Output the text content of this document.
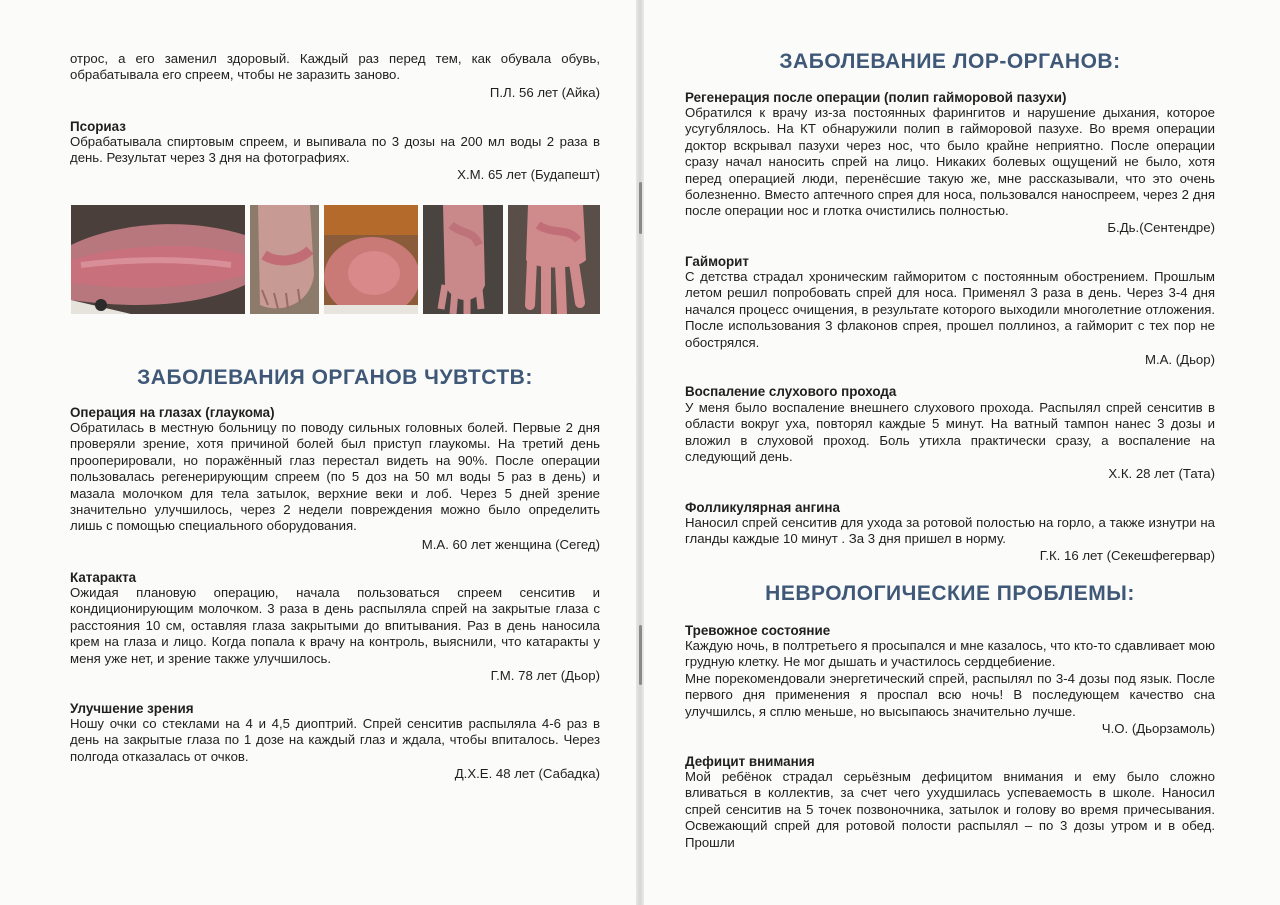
отрос, а его заменил здоровый. Каждый раз перед тем, как обувала обувь, обрабатывала его спреем, чтобы не заразить заново.

П.Л. 56 лет (Айка)

Псориаз

Обрабатывала спиртовым спреем, и выпивала по 3 дозы на 200 мл воды 2 раза в день. Результат через 3 дня на фотографиях.

Х.М. 65 лет (Будапешт)

ЗАБОЛЕВАНИЯ ОРГАНОВ ЧУВТСТВ:

Операция на глазах (глаукома)

Обратилась в местную больницу по поводу сильных головных болей. Первые 2 дня проверяли зрение, хотя причиной болей был приступ глаукомы. На третий день прооперировали, но поражённый глаз перестал видеть на 90%. После операции пользовалась регенерирующим спреем (по 5 доз на 50 мл воды 5 раз в день) и мазала молочком для тела затылок, верхние веки и лоб. Через 5 дней зрение значительно улучшилось, через 2 недели повреждения можно было определить лишь с помощью специального оборудования.

М.А. 60 лет женщина (Сегед)

Катаракта

Ожидая плановую операцию, начала пользоваться спреем сенситив и кондиционирующим молочком. 3 раза в день распыляла спрей на закрытые глаза с расстояния 10 см, оставляя глаза закрытыми до впитывания. Раз в день наносила крем на глаза и лицо. Когда попала к врачу на контроль, выяснили, что катаракты у меня уже нет, и зрение также улучшилось.

Г.М. 78 лет (Дьор)

Улучшение зрения

Ношу очки со стеклами на 4 и 4,5 диоптрий. Спрей сенситив распыляла 4-6 раз в день на закрытые глаза по 1 дозе на каждый глаз и ждала, чтобы впиталось. Через полгода отказалась от очков.

Д.Х.Е. 48 лет (Сабадка)

ЗАБОЛЕВАНИЕ ЛОР-ОРГАНОВ:

Регенерация после операции (полип гайморовой пазухи)

Обратился к врачу из-за постоянных фарингитов и нарушение дыхания, которое усугублялось. На КТ обнаружили полип в гайморовой пазухе. Во время операции доктор вскрывал пазухи через нос, что было крайне неприятно. После операции сразу начал наносить спрей на лицо. Никаких болевых ощущений не было, хотя перед операцией люди, перенёсшие такую же, мне рассказывали, что это очень болезненно. Вместо аптечного спрея для носа, пользовался наноспреем, через 2 дня после операции нос и глотка очистились полностью.

Б.Дь.(Сентендре)

Гайморит

С детства страдал хроническим гайморитом с постоянным обострением. Прошлым летом решил попробовать спрей для носа. Применял 3 раза в день. Через 3-4 дня начался процесс очищения, в результате которого выходили многолетние отложения. После использования 3 флаконов спрея, прошел поллиноз, а гайморит с тех пор не обострялся.

М.А. (Дьор)

Воспаление слухового прохода

У меня было воспаление внешнего слухового прохода. Распылял спрей сенситив в области вокруг уха, повторял каждые 5 минут. На ватный тампон нанес 3 дозы и вложил в слуховой проход. Боль утихла практически сразу, а воспаление на следующий день.

Х.К. 28 лет (Тата)

Фолликулярная ангина

Наносил спрей сенситив для ухода за ротовой полостью на горло, а также изнутри на гланды каждые 10 минут . За 3 дня пришел в норму.

Г.К. 16 лет (Секешфегервар)

НЕВРОЛОГИЧЕСКИЕ ПРОБЛЕМЫ:

Тревожное состояние

Каждую ночь, в полтретьего я просыпался и мне казалось, что кто-то сдавливает мою грудную клетку. Не мог дышать и участилось сердцебиение.

Мне порекомендовали энергетический спрей, распылял по 3-4 дозы под язык. После первого дня применения я проспал всю ночь! В последующем качество сна улучшилсь, я сплю меньше, но высыпаюсь значительно лучше.

Ч.О. (Дьорзамоль)

Дефицит внимания

Мой ребёнок страдал серьёзным дефицитом внимания и ему было сложно вливаться в коллектив, за счет чего ухудшилась успеваемость в школе. Наносил спрей сенситив на 5 точек позвоночника, затылок и голову во время причесывания. Освежающий спрей для ротовой полости распылял – по 3 дозы утром и в обед. Прошли
